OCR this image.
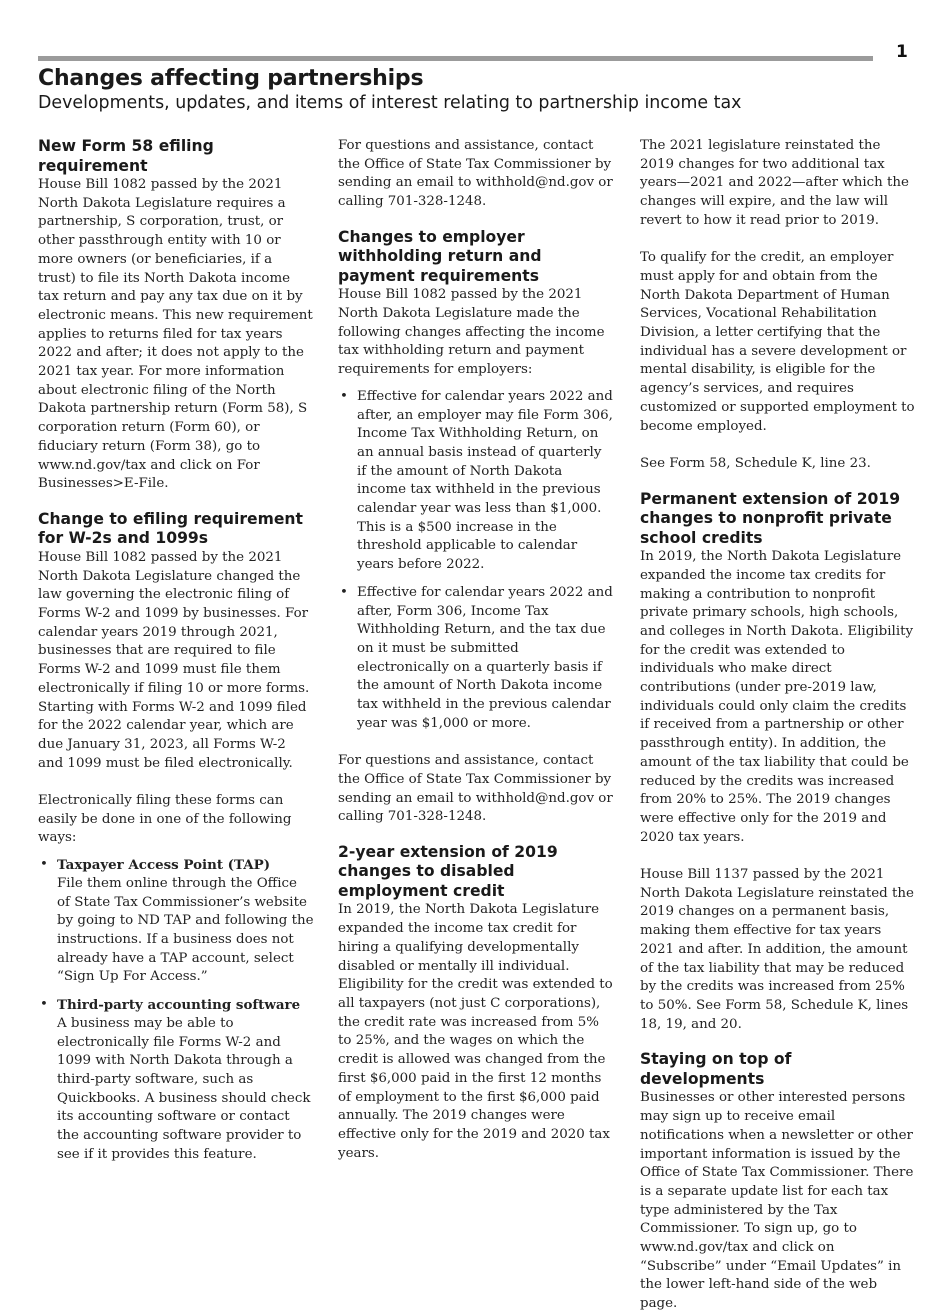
1
Changes affecting partnerships
Developments, updates, and items of interest relating to partnership income tax
New Form 58 efiling requirement

House Bill 1082 passed by the 2021 North Dakota Legislature requires a partnership, S corporation, trust, or other passthrough entity with 10 or more owners (or beneficiaries, if a trust) to file its North Dakota income tax return and pay any tax due on it by electronic means. This new requirement applies to returns filed for tax years 2022 and after; it does not apply to the 2021 tax year. For more information about electronic filing of the North Dakota partnership return (Form 58), S corporation return (Form 60), or fiduciary return (Form 38), go to www.nd.gov/tax and click on For Businesses>E-File.

Change to efiling requirement for W-2s and 1099s

House Bill 1082 passed by the 2021 North Dakota Legislature changed the law governing the electronic filing of Forms W-2 and 1099 by businesses. For calendar years 2019 through 2021, businesses that are required to file Forms W-2 and 1099 must file them electronically if filing 10 or more forms. Starting with Forms W-2 and 1099 filed for the 2022 calendar year, which are due January 31, 2023, all Forms W-2 and 1099 must be filed electronically.

Electronically filing these forms can easily be done in one of the following ways:

• Taxpayer Access Point (TAP)
File them online through the Office of State Tax Commissioner’s website by going to ND TAP and following the instructions. If a business does not already have a TAP account, select “Sign Up For Access.”
• Third-party accounting software
A business may be able to electronically file Forms W-2 and 1099 with North Dakota through a third-party software, such as Quickbooks. A business should check its accounting software or contact the accounting software provider to see if it provides this feature.

For questions and assistance, contact the Office of State Tax Commissioner by sending an email to withhold@nd.gov or calling 701-328-1248.

Changes to employer withholding return and payment requirements

House Bill 1082 passed by the 2021 North Dakota Legislature made the following changes affecting the income tax withholding return and payment requirements for employers:

• Effective for calendar years 2022 and after, an employer may file Form 306, Income Tax Withholding Return, on an annual basis instead of quarterly if the amount of North Dakota income tax withheld in the previous calendar year was less than $1,000. This is a $500 increase in the threshold applicable to calendar years before 2022.
• Effective for calendar years 2022 and after, Form 306, Income Tax Withholding Return, and the tax due on it must be submitted electronically on a quarterly basis if the amount of North Dakota income tax withheld in the previous calendar year was $1,000 or more.

For questions and assistance, contact the Office of State Tax Commissioner by sending an email to withhold@nd.gov or calling 701-328-1248.

2-year extension of 2019 changes to disabled employment credit

In 2019, the North Dakota Legislature expanded the income tax credit for hiring a qualifying developmentally disabled or mentally ill individual. Eligibility for the credit was extended to all taxpayers (not just C corporations), the credit rate was increased from 5% to 25%, and the wages on which the credit is allowed was changed from the first $6,000 paid in the first 12 months of employment to the first $6,000 paid annually. The 2019 changes were effective only for the 2019 and 2020 tax years.

The 2021 legislature reinstated the 2019 changes for two additional tax years—2021 and 2022—after which the changes will expire, and the law will revert to how it read prior to 2019.

To qualify for the credit, an employer must apply for and obtain from the North Dakota Department of Human Services, Vocational Rehabilitation Division, a letter certifying that the individual has a severe development or mental disability, is eligible for the agency’s services, and requires customized or supported employment to become employed.

See Form 58, Schedule K, line 23.

Permanent extension of 2019 changes to nonprofit private school credits

In 2019, the North Dakota Legislature expanded the income tax credits for making a contribution to nonprofit private primary schools, high schools, and colleges in North Dakota. Eligibility for the credit was extended to individuals who make direct contributions (under pre-2019 law, individuals could only claim the credits if received from a partnership or other passthrough entity). In addition, the amount of the tax liability that could be reduced by the credits was increased from 20% to 25%. The 2019 changes were effective only for the 2019 and 2020 tax years.

House Bill 1137 passed by the 2021 North Dakota Legislature reinstated the 2019 changes on a permanent basis, making them effective for tax years 2021 and after. In addition, the amount of the tax liability that may be reduced by the credits was increased from 25% to 50%. See Form 58, Schedule K, lines 18, 19, and 20.

Staying on top of developments

Businesses or other interested persons may sign up to receive email notifications when a newsletter or other important information is issued by the Office of State Tax Commissioner. There is a separate update list for each tax type administered by the Tax Commissioner. To sign up, go to www.nd.gov/tax and click on “Subscribe” under “Email Updates” in the lower left-hand side of the web page.
